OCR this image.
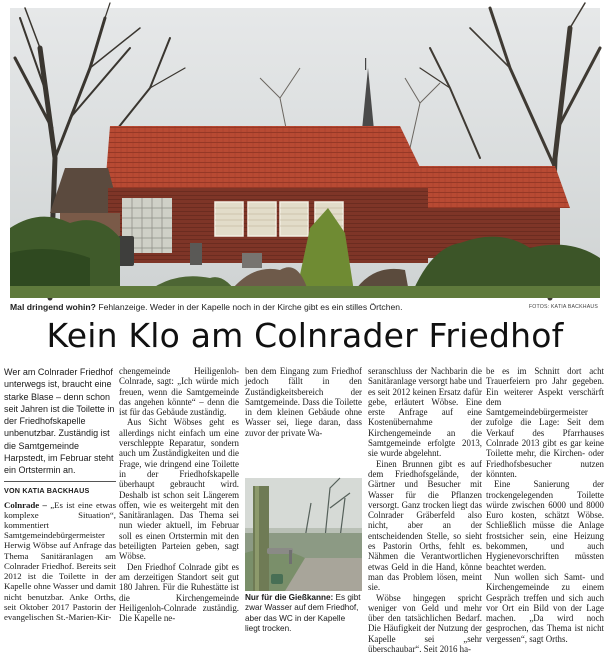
Mal dringend wohin? Fehlanzeige. Weder in der Kapelle noch in der Kirche gibt es ein stilles Örtchen.	FOTOS: KATIA BACKHAUS
Kein Klo am Colnrader Friedhof

Wer am Colnrader Friedhof unterwegs ist, braucht eine starke Blase – denn schon seit Jahren ist die Toilette in der Friedhofskapelle unbenutzbar. Zuständig ist die Samtgemeinde Harpstedt, im Februar steht ein Ortstermin an.

VON KATIA BACKHAUS

Colnrade – „Es ist eine etwas komplexe Situation“, kommentiert Samtgemeindebürgermeister Herwig Wöbse auf Anfrage das Thema Sanitäranlagen am Colnrader Friedhof. Bereits seit 2012 ist die Toilette in der Kapelle ohne Wasser und damit nicht benutzbar. Anke Orths, seit Oktober 2017 Pastorin der evangelischen St.-Marien-Kir-

chengemeinde Heiligenloh-Colnrade, sagt: „Ich würde mich freuen, wenn die Samtgemeinde das angehen könnte“ – denn die ist für das Gebäude zuständig.

Aus Sicht Wöbses geht es allerdings nicht einfach um eine verschleppte Reparatur, sondern auch um Zuständigkeiten und die Frage, wie dringend eine Toilette in der Friedhofskapelle überhaupt gebraucht wird. Deshalb ist schon seit Längerem offen, wie es weitergeht mit den Sanitäranlagen. Das Thema sei nun wieder aktuell, im Februar soll es einen Ortstermin mit den beteiligten Parteien geben, sagt Wöbse.

Den Friedhof Colnrade gibt es am derzeitigen Standort seit gut 180 Jahren. Für die Ruhestätte ist die Kirchengemeinde Heiligenloh-Colnrade zuständig. Die Kapelle ne-

ben dem Eingang zum Friedhof jedoch fällt in den Zuständigkeitsbereich der Samtgemeinde. Dass die Toilette in dem kleinen Gebäude ohne Wasser sei, liege daran, dass zuvor der private Wa-

Nur für die Gießkanne: Es gibt zwar Wasser auf dem Friedhof, aber das WC in der Kapelle liegt trocken.

seranschluss der Nachbarin die Sanitäranlage versorgt habe und es seit 2012 keinen Ersatz dafür gebe, erläutert Wöbse. Eine erste Anfrage auf eine Kostenübernahme der Kirchengemeinde an die Samtgemeinde erfolgte 2013, sie wurde abgelehnt.

Einen Brunnen gibt es auf dem Friedhofsgelände, der Gärtner und Besucher mit Wasser für die Pflanzen versorgt. Ganz trocken liegt das Colnrader Gräberfeld also nicht, aber an der entscheidenden Stelle, so sieht es Pastorin Orths, fehlt es. Nähmen die Verantwortlichen etwas Geld in die Hand, könne man das Problem lösen, meint sie.

Wöbse hingegen spricht weniger von Geld und mehr über den tatsächlichen Bedarf. Die Häufigkeit der Nutzung der Kapelle sei „sehr überschaubar“. Seit 2016 ha-

be es im Schnitt dort acht Trauerfeiern pro Jahr gegeben. Ein weiterer Aspekt verschärft dem Samtgemeindebürgermeister zufolge die Lage: Seit dem Verkauf des Pfarrhauses Colnrade 2013 gibt es gar keine Toilette mehr, die Kirchen- oder Friedhofsbesucher nutzen könnten.

Eine Sanierung der trockengelegenden Toilette würde zwischen 6000 und 8000 Euro kosten, schätzt Wöbse. Schließlich müsse die Anlage frostsicher sein, eine Heizung bekommen, und auch Hygienevorschriften müssten beachtet werden.

Nun wollen sich Samt- und Kirchengemeinde zu einem Gespräch treffen und sich auch vor Ort ein Bild von der Lage machen. „Da wird noch gesprochen, das Thema ist nicht vergessen“, sagt Orths.
